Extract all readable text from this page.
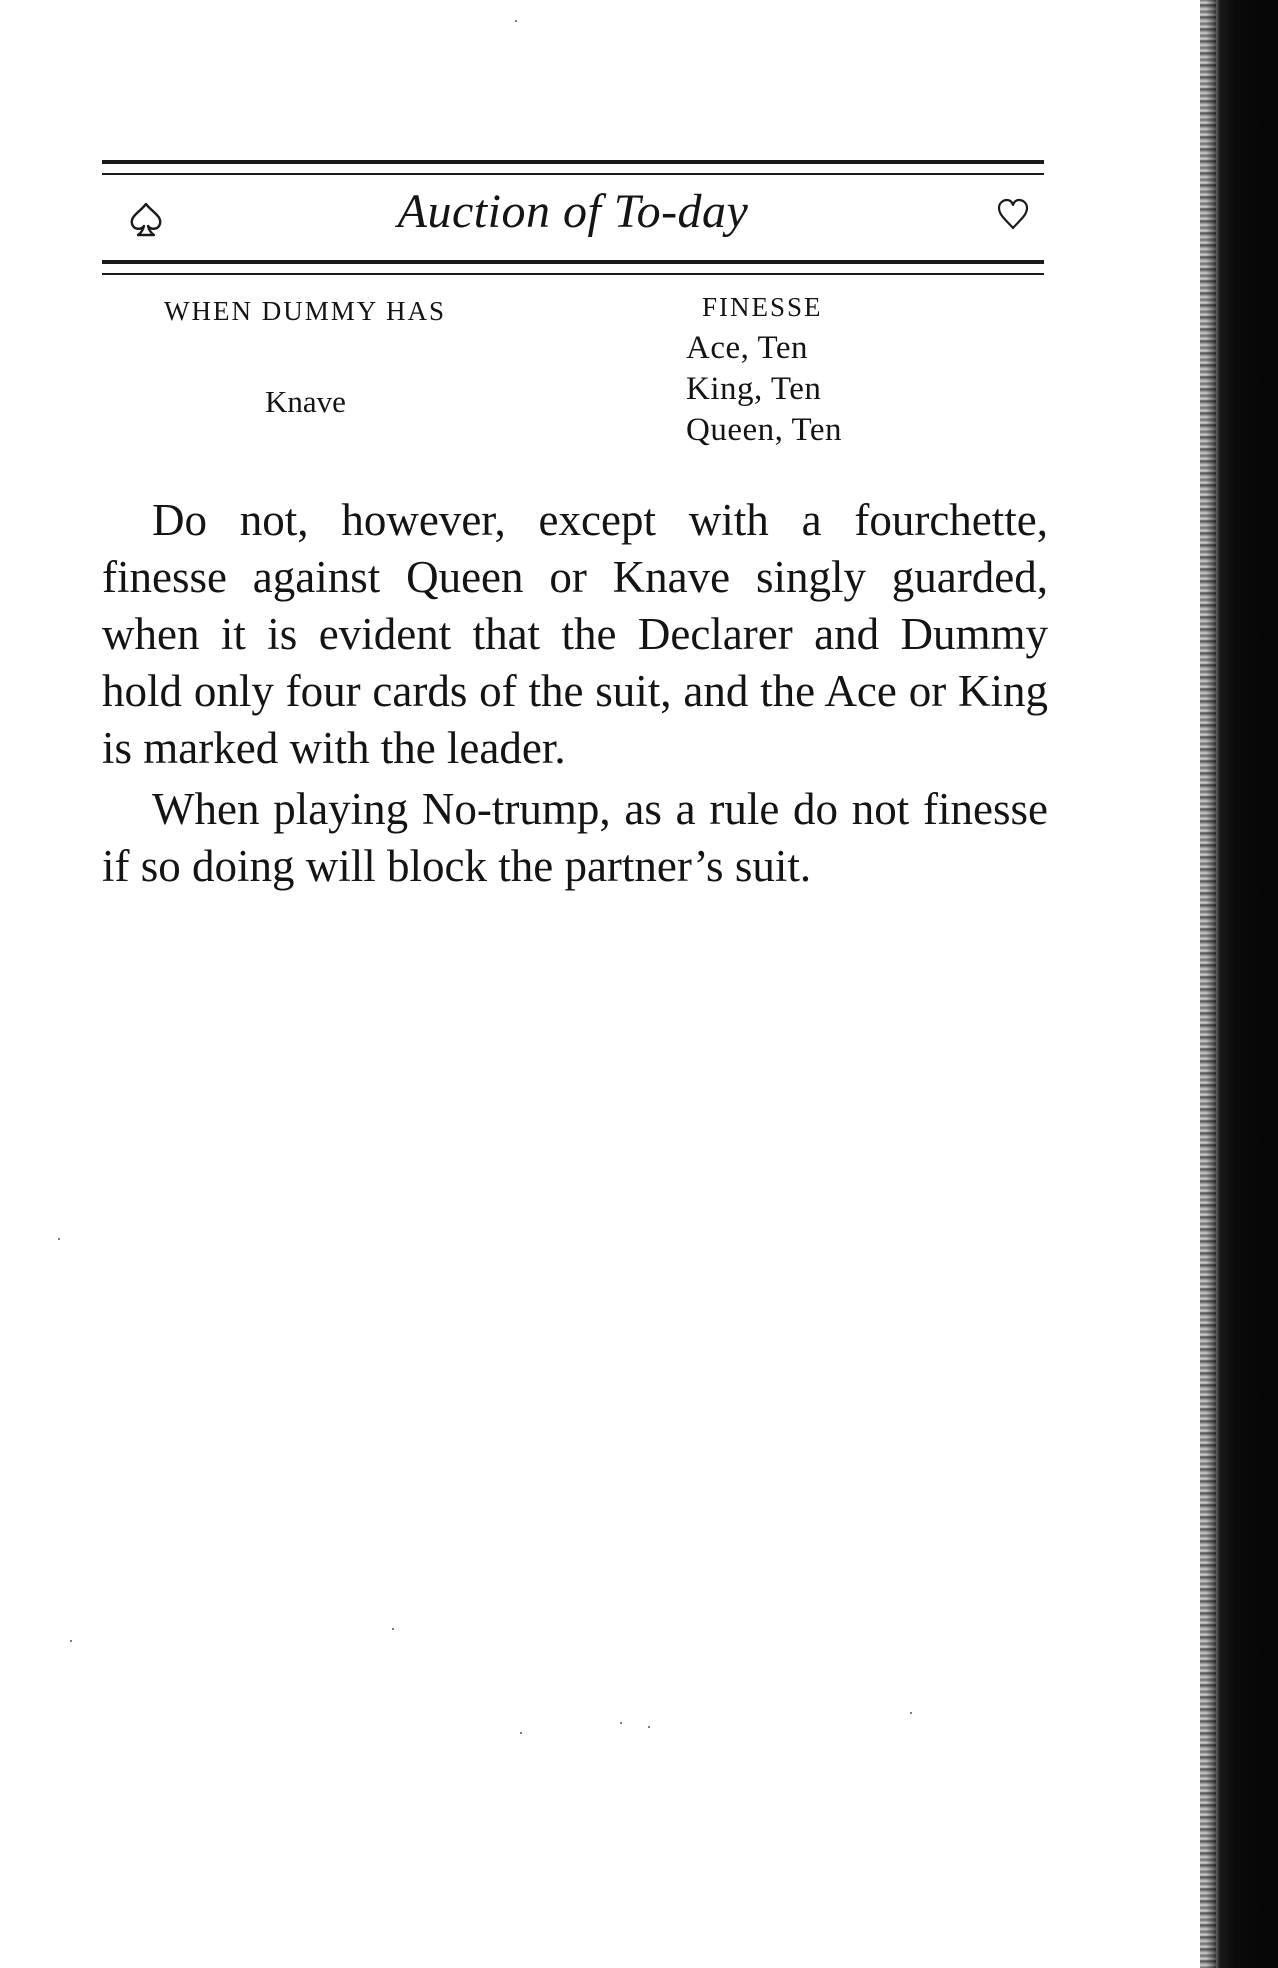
Auction of To-day
WHEN DUMMY HAS	FINESSE
Knave
Ace, Ten
King, Ten
Queen, Ten

Do not, however, except with a fourchette, finesse against Queen or Knave singly guarded, when it is evident that the Declarer and Dummy hold only four cards of the suit, and the Ace or King is marked with the leader.

When playing No-trump, as a rule do not finesse if so doing will block the partner’s suit.
